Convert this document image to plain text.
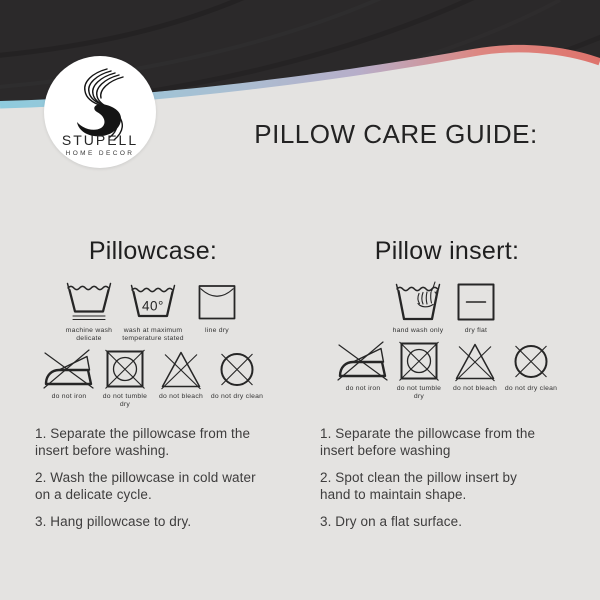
STUPELL
HOME DECOR
PILLOW CARE GUIDE:
Pillowcase:
machine wash delicate
40°
wash at maximum temperature stated
line dry
do not iron	do not tumble dry
do not bleach do not dry clean

1. Separate the pillowcase from the
insert before washing.

2. Wash the pillowcase in cold water
on a delicate cycle.

3. Hang pillowcase to dry.

Pillow insert:
hand wash only	dry flat
do not iron	do not tumble dry
do not bleach do not dry clean

1. Separate the pillowcase from the
insert before washing

2. Spot clean the pillow insert by
hand to maintain shape.

3. Dry on a flat surface.
